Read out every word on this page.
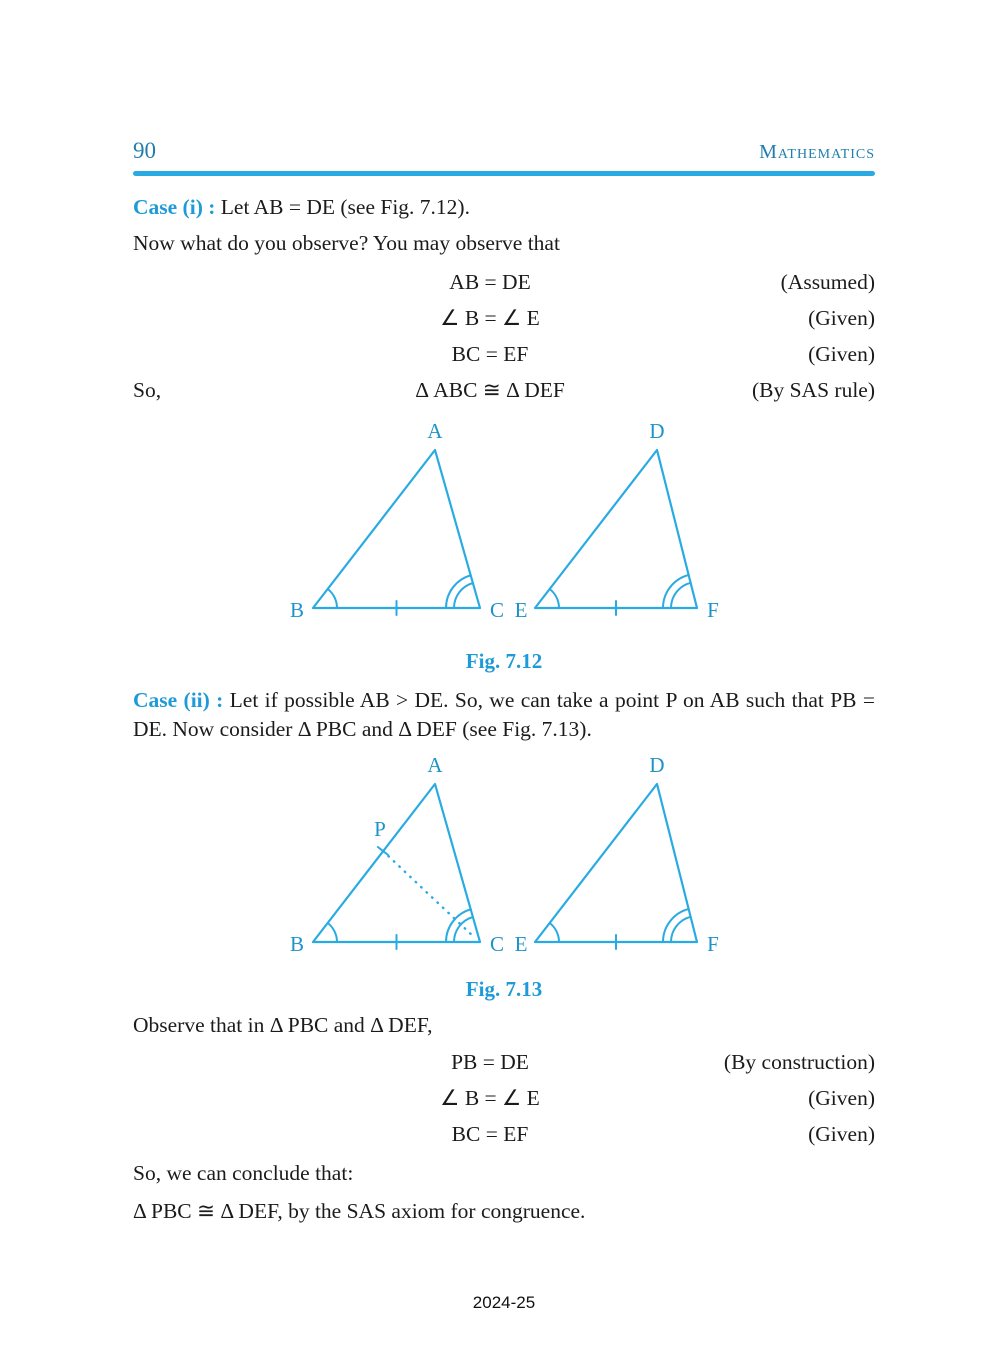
90	Mathematics

Case (i) : Let AB = DE (see Fig. 7.12).

Now what do you observe? You may observe that

AB = DE	(Assumed)
∠ B = ∠ E	(Given)
BC = EF	(Given)
So,	Δ ABC ≅ Δ DEF	(By SAS rule)
A
B	C
D
E	F
Fig. 7.12

Case (ii) : Let if possible AB > DE. So, we can take a point P on AB such that PB = DE. Now consider Δ PBC and Δ DEF (see Fig. 7.13).

A
P
B	C
D
E	F
Fig. 7.13

Observe that in Δ PBC and Δ DEF,

PB = DE	(By construction)
∠ B = ∠ E	(Given)
BC = EF	(Given)

So, we can conclude that:

Δ PBC ≅ Δ DEF, by the SAS axiom for congruence.

2024-25
